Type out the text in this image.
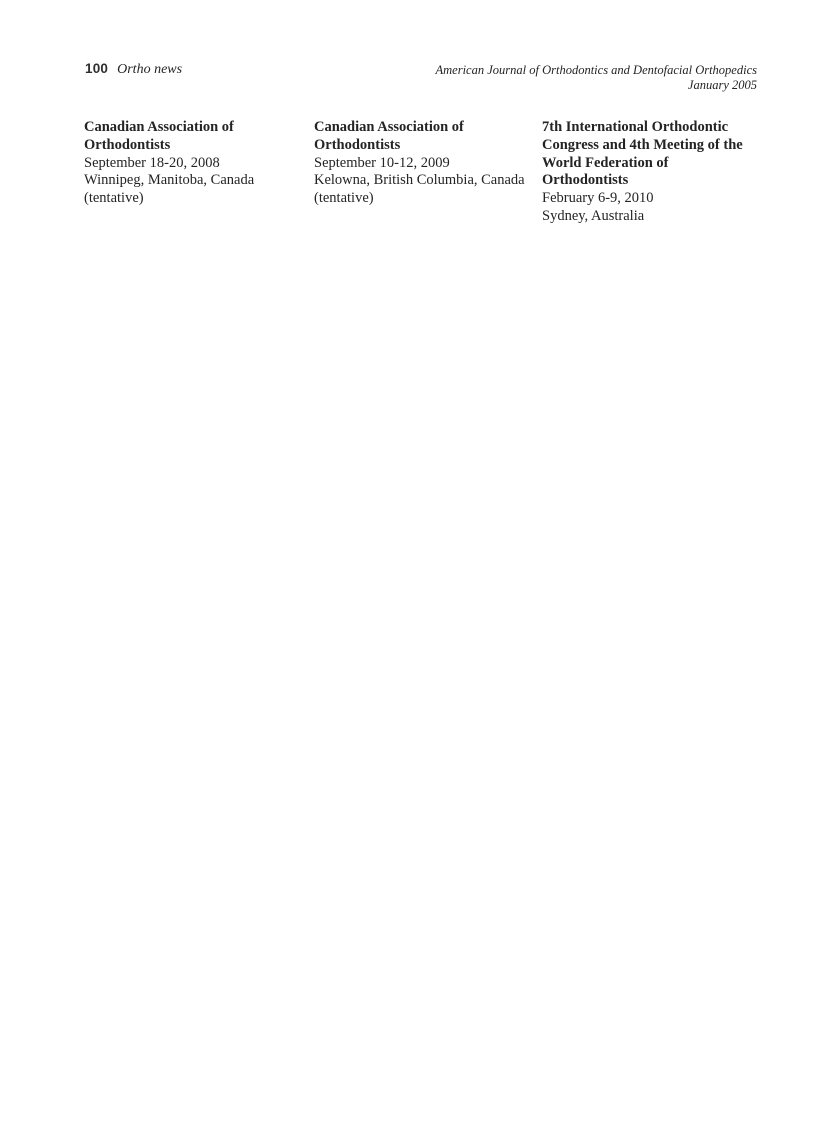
100 Ortho news	American Journal of Orthodontics and Dentofacial Orthopedics
January 2005
Canadian Association of
Orthodontists
September 18-20, 2008
Winnipeg, Manitoba, Canada
(tentative)
Canadian Association of
Orthodontists
September 10-12, 2009
Kelowna, British Columbia, Canada
(tentative)
7th International Orthodontic
Congress and 4th Meeting of the
World Federation of
Orthodontists
February 6-9, 2010
Sydney, Australia
